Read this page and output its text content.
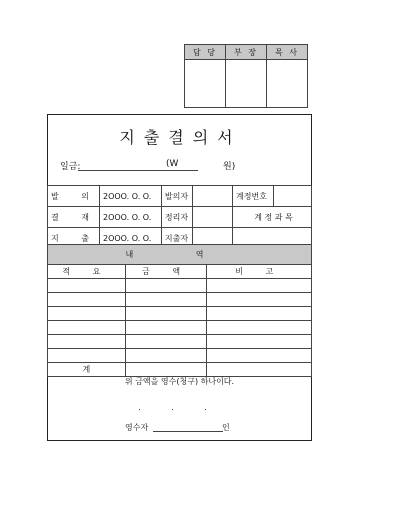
담 당	부 장	목 사

지출결의서
일금:	(W	원)
발 의	2OOO. O. O.	발의자		계정번호	
결 재	2OOO. O. O.	정리자		계 정 과 목	
지 출	2OOO. O. O.	지출자			
내 역		
적 요	금 액	비 고

계		
위 금액을 영수(청구) 하나이다.
. . .
영수자	인
